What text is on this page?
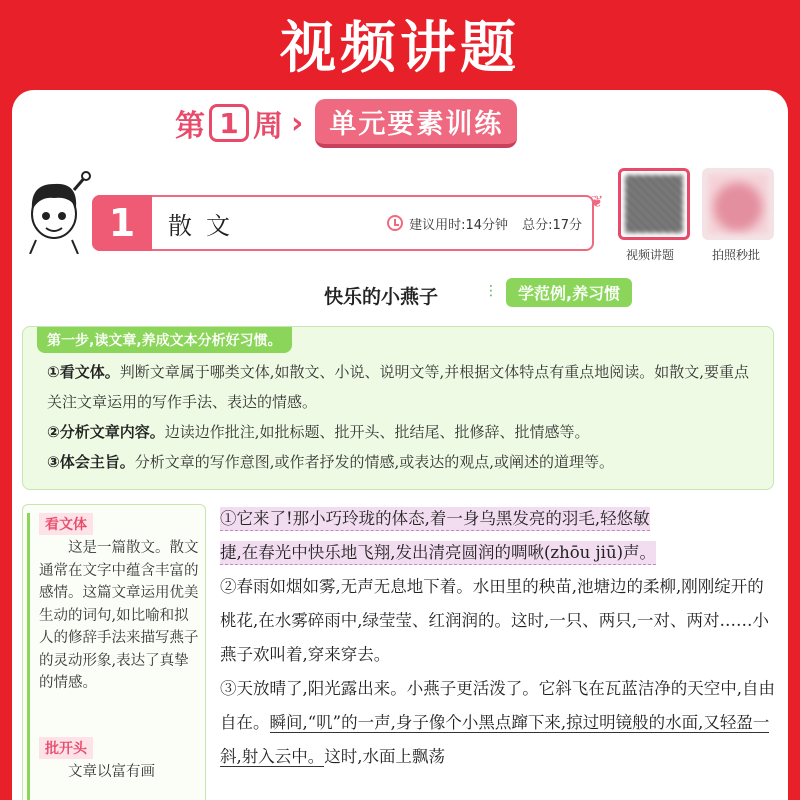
视频讲题
第 1 周 › 单元要素训练
1	散文	建议用时:14分钟 总分:17分
❦
视频讲题	拍照秒批
快乐的小燕子	⋮	学范例,养习惯
第一步,读文章,养成文本分析好习惯。
①看文体。判断文章属于哪类文体,如散文、小说、说明文等,并根据文体特点有重点地阅读。如散文,要重点关注文章运用的写作手法、表达的情感。
②分析文章内容。边读边作批注,如批标题、批开头、批结尾、批修辞、批情感等。
③体会主旨。分析文章的写作意图,或作者抒发的情感,或表达的观点,或阐述的道理等。
看文体
这是一篇散文。散文通常在文字中蕴含丰富的感情。这篇文章运用优美生动的词句,如比喻和拟人的修辞手法来描写燕子的灵动形象,表达了真挚的情感。
批开头
文章以富有画
①它来了!那小巧玲珑的体态,着一身乌黑发亮的羽毛,轻悠敏
捷,在春光中快乐地飞翔,发出清亮圆润的啁啾(zhōu jiū)声。
②春雨如烟如雾,无声无息地下着。水田里的秧苗,池塘边的柔柳,刚刚绽开的桃花,在水雾碎雨中,绿莹莹、红润润的。这时,一只、两只,一对、两对……小燕子欢叫着,穿来穿去。
③天放晴了,阳光露出来。小燕子更活泼了。它斜飞在瓦蓝洁净的天空中,自由自在。瞬间,“叽”的一声,身子像个小黑点蹿下来,掠过明镜般的水面,又轻盈一斜,射入云中。这时,水面上飘荡
